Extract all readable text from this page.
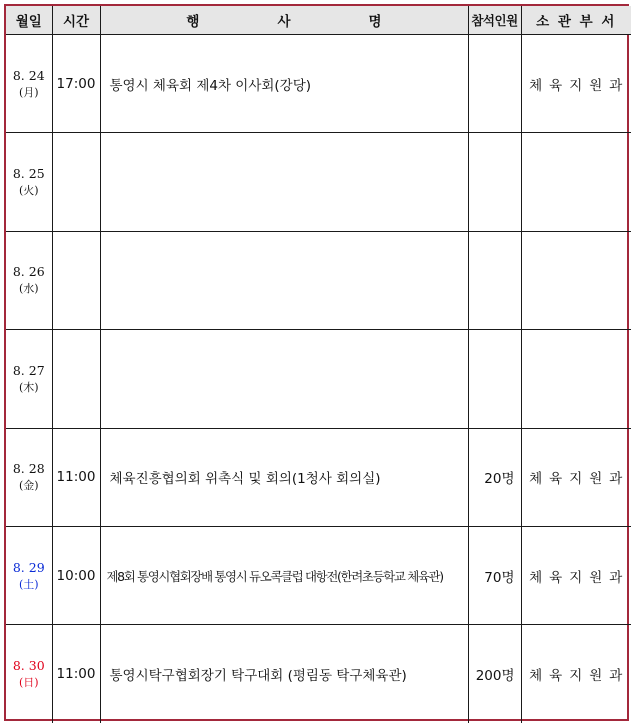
월일	시간	행 사 명	참석인원	소 관 부 서

8. 24
(月)	17:00	통영시 체육회 제4차 이사회(강당)		체육지원과

8. 25
(火)				

8. 26
(水)				

8. 27
(木)				

8. 28
(金)	11:00	체육진흥협의회 위촉식 및 회의(1청사 회의실)	20명	체육지원과

8. 29
(土)	10:00	제8회 통영시협회장배 통영시 듀오콕클럽 대항전(한려초등학교 체육관)	70명	체육지원과

8. 30
(日)	11:00	통영시탁구협회장기 탁구대회 (평림동 탁구체육관)	200명	체육지원과
